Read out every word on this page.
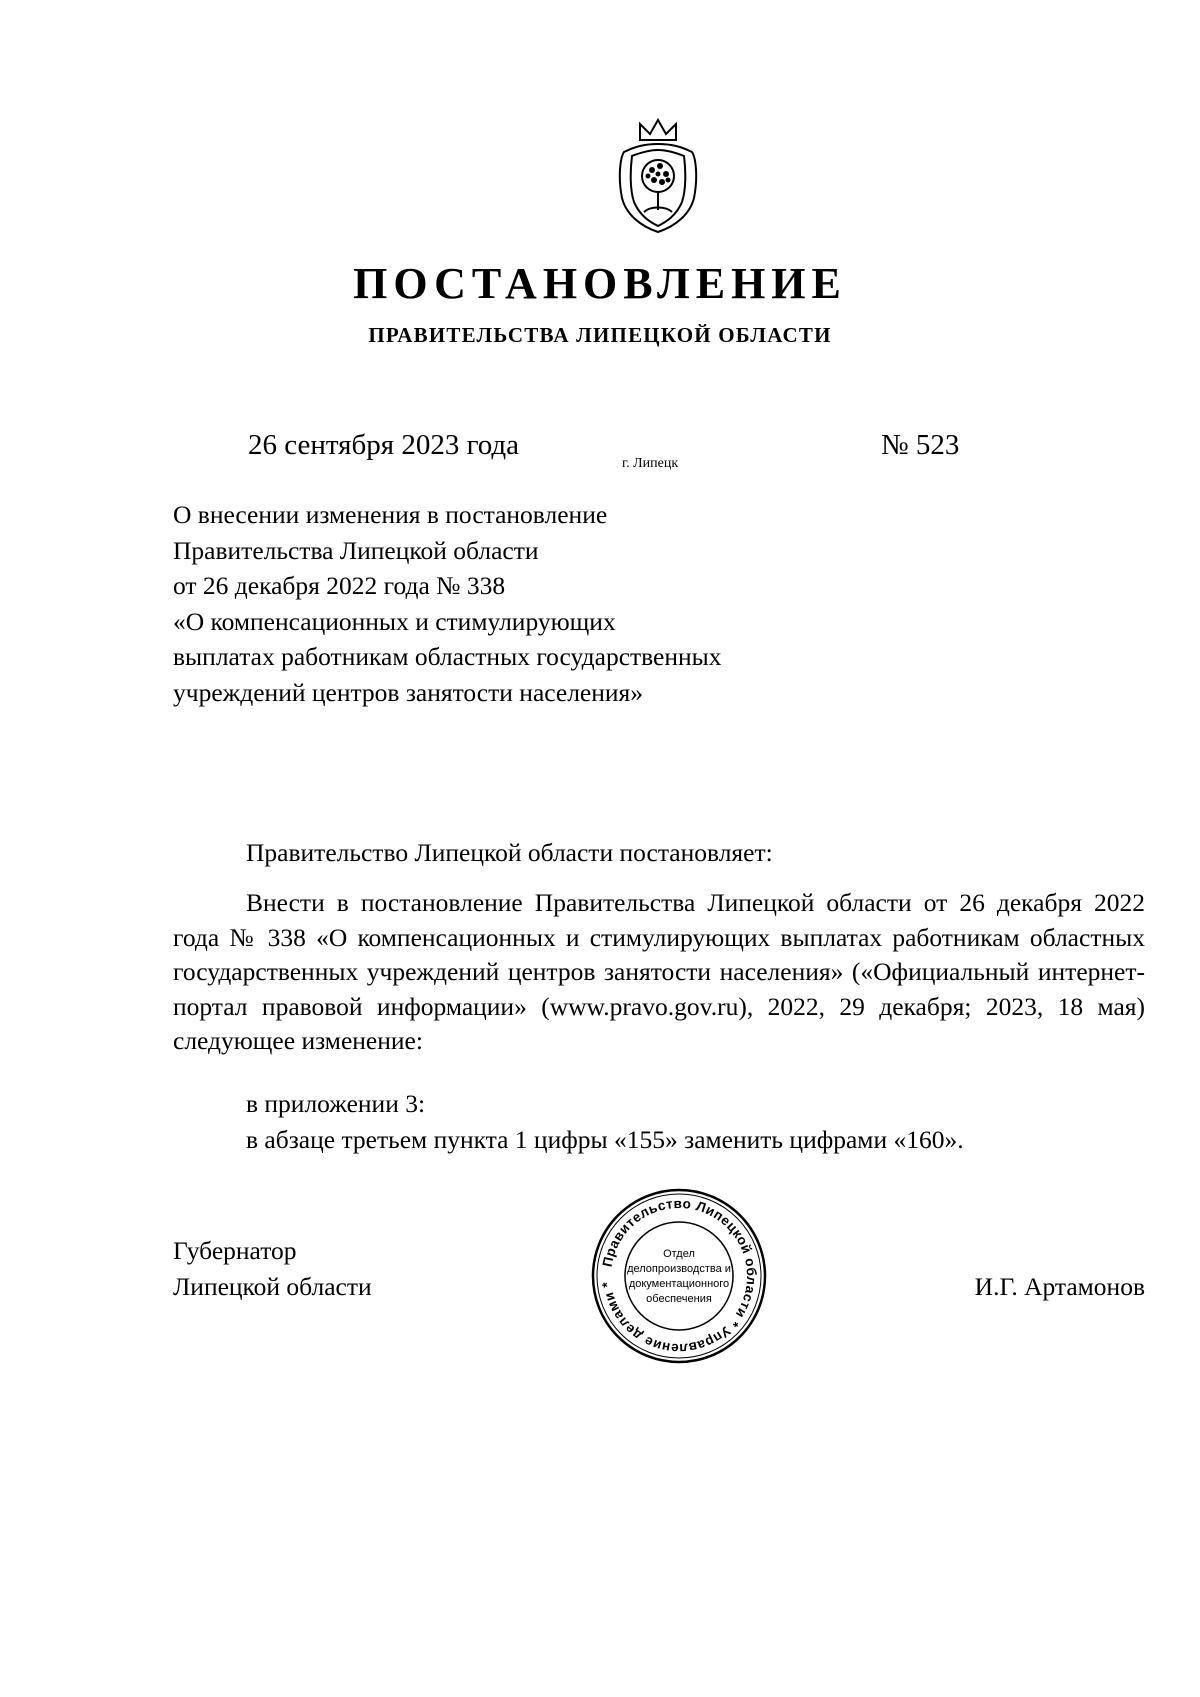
ПОСТАНОВЛЕНИЕ
ПРАВИТЕЛЬСТВА ЛИПЕЦКОЙ ОБЛАСТИ
26 сентября 2023 года
г. Липецк
№ 523
О внесении изменения в постановление
Правительства Липецкой области
от 26 декабря 2022 года № 338
«О компенсационных и стимулирующих
выплатах работникам областных государственных
учреждений центров занятости населения»
Правительство Липецкой области постановляет:
Внести в постановление Правительства Липецкой области от 26 декабря 2022 года № 338 «О компенсационных и стимулирующих выплатах работникам областных государственных учреждений центров занятости населения» («Официальный интернет-портал правовой информации» (www.pravo.gov.ru), 2022, 29 декабря; 2023, 18 мая) следующее изменение:
в приложении 3:
в абзаце третьем пункта 1 цифры «155» заменить цифрами «160».
Губернатор
Липецкой области	И.Г. Артамонов
Правительство Липецкой области * Управление делами *
Отдел
делопроизводства и
документационного
обеспечения
